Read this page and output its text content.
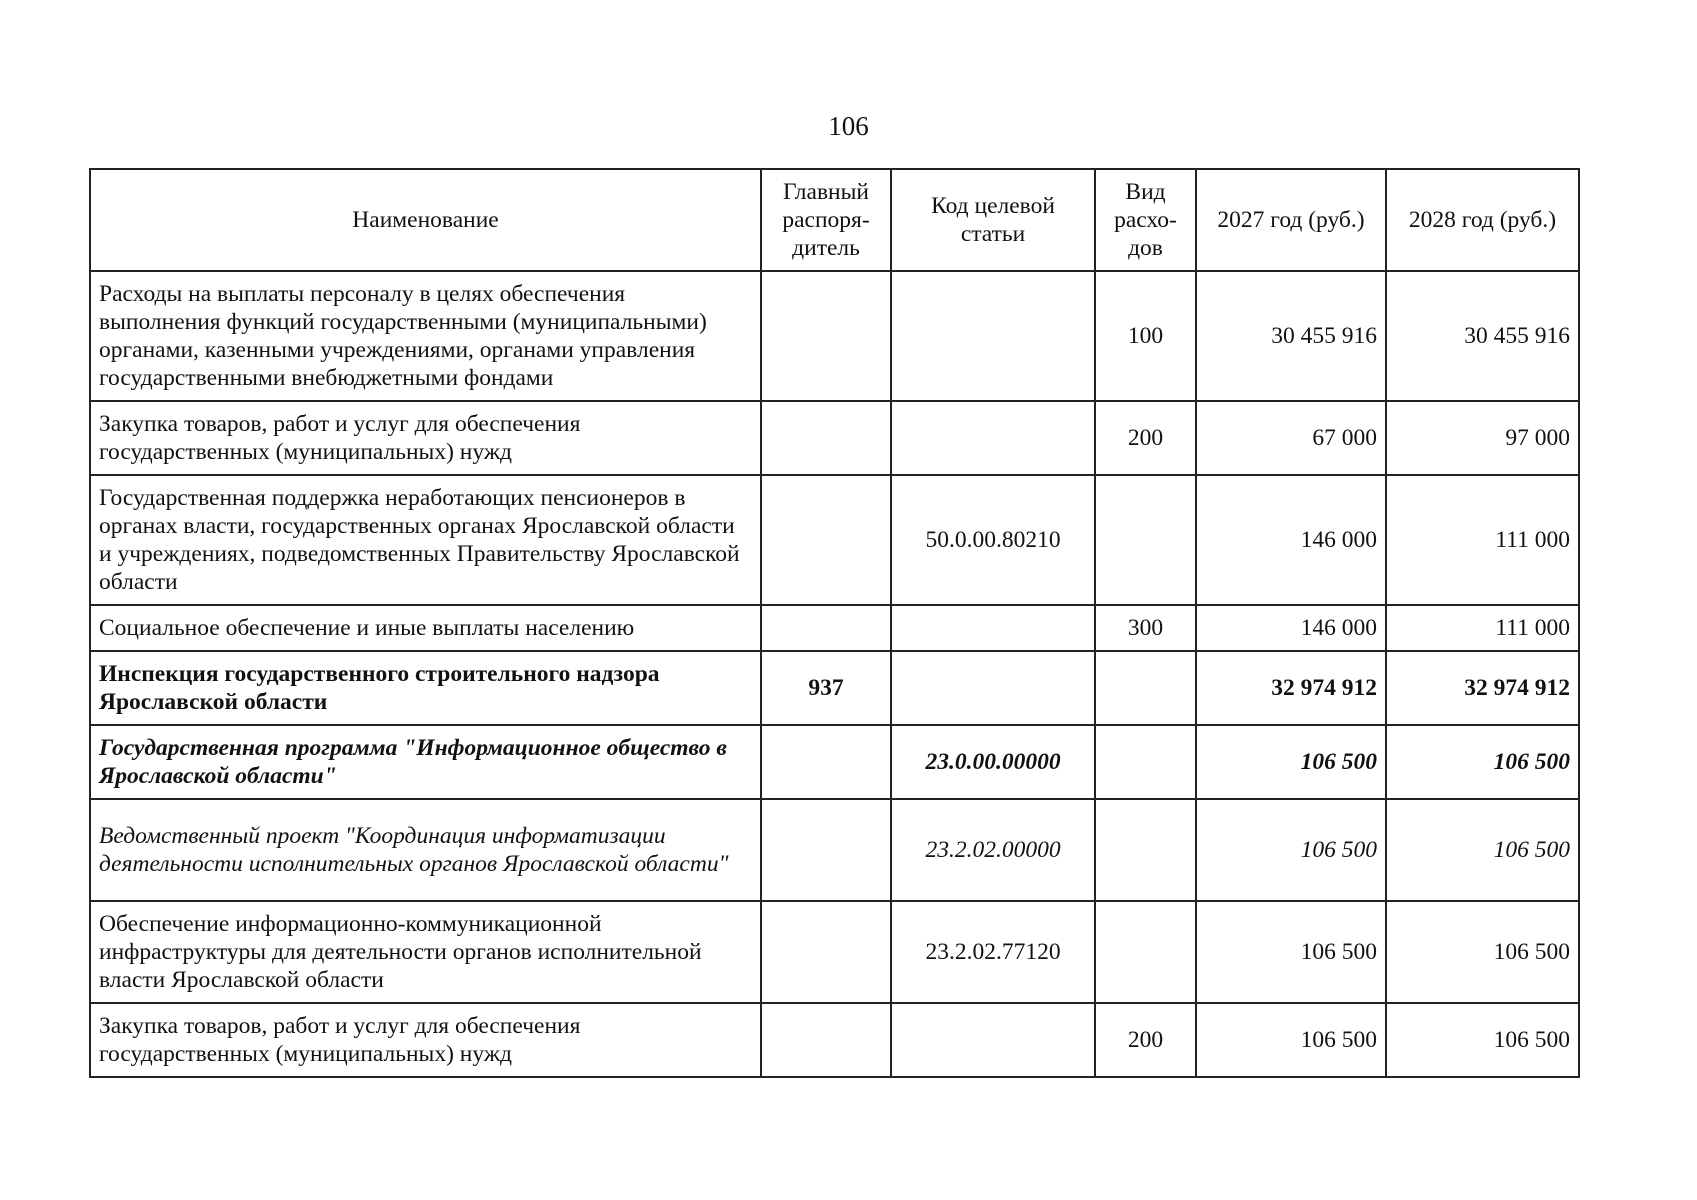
106
Наименование	Главный распоря-дитель	Код целевой статьи	Вид расхо-дов	2027 год (руб.)	2028 год (руб.)
Расходы на выплаты персоналу в целях обеспечения выполнения функций государственными (муниципальными) органами, казенными учреждениями, органами управления государственными внебюджетными фондами			100	30 455 916	30 455 916
Закупка товаров, работ и услуг для обеспечения государственных (муниципальных) нужд			200	67 000	97 000
Государственная поддержка неработающих пенсионеров в органах власти, государственных органах Ярославской области и учреждениях, подведомственных Правительству Ярославской области		50.0.00.80210		146 000	111 000
Социальное обеспечение и иные выплаты населению			300	146 000	111 000
Инспекция государственного строительного надзора Ярославской области	937			32 974 912	32 974 912
Государственная программа "Информационное общество в Ярославской области"		23.0.00.00000		106 500	106 500
Ведомственный проект "Координация информатизации деятельности исполнительных органов Ярославской области"		23.2.02.00000		106 500	106 500
Обеспечение информационно-коммуникационной инфраструктуры для деятельности органов исполнительной власти Ярославской области		23.2.02.77120		106 500	106 500
Закупка товаров, работ и услуг для обеспечения государственных (муниципальных) нужд			200	106 500	106 500
